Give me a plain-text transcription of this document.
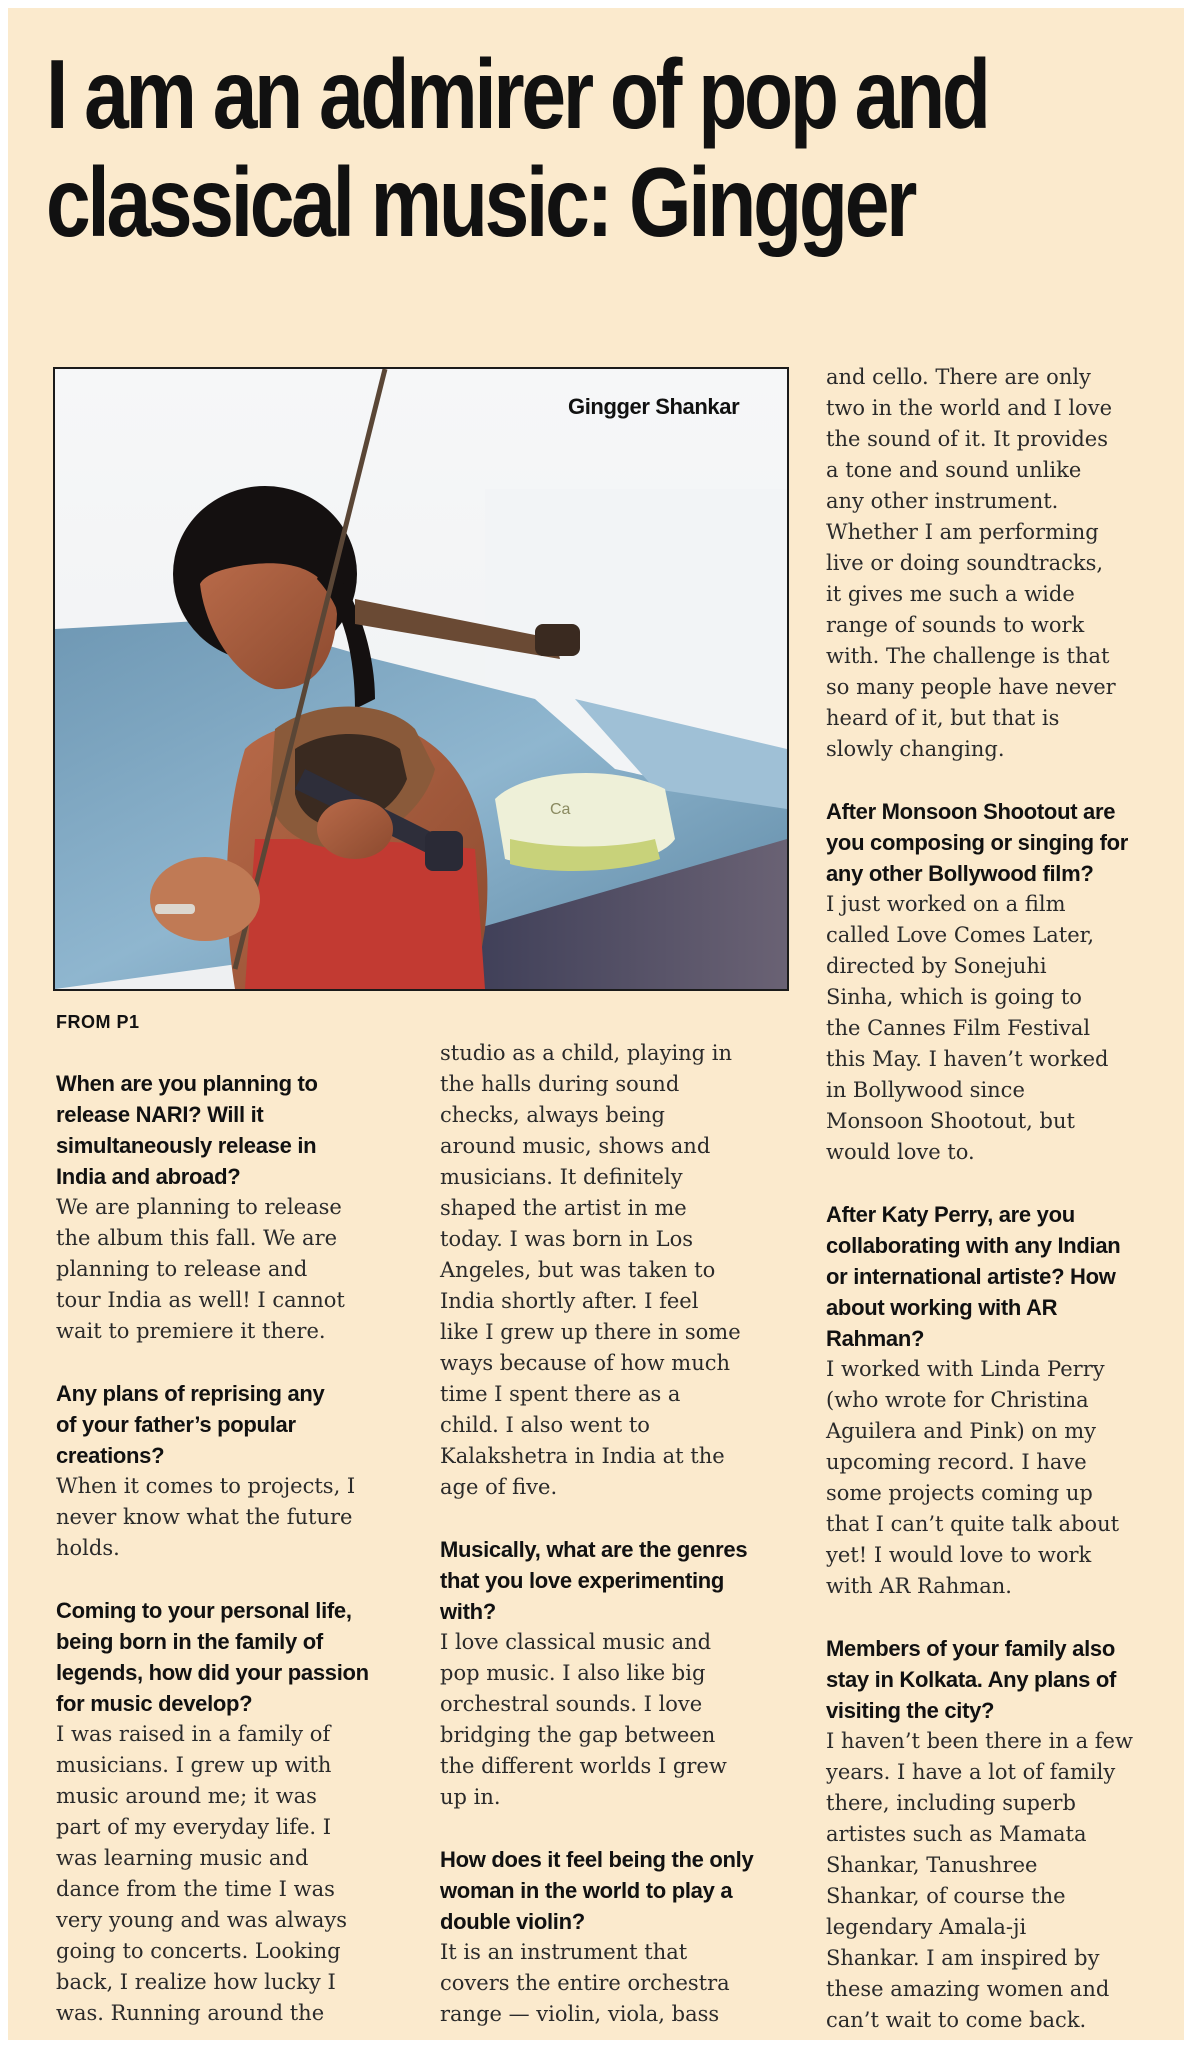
I am an admirer of pop and
classical music: Gingger
Ca
Gingger Shankar
FROM P1
When are you planning to
release NARI? Will it
simultaneously release in
India and abroad?
We are planning to release
the album this fall. We are
planning to release and
tour India as well! I cannot
wait to premiere it there.
Any plans of reprising any
of your father’s popular
creations?
When it comes to projects, I
never know what the future
holds.
Coming to your personal life,
being born in the family of
legends, how did your passion
for music develop?
I was raised in a family of
musicians. I grew up with
music around me; it was
part of my everyday life. I
was learning music and
dance from the time I was
very young and was always
going to concerts. Looking
back, I realize how lucky I
was. Running around the
studio as a child, playing in
the halls during sound
checks, always being
around music, shows and
musicians. It definitely
shaped the artist in me
today. I was born in Los
Angeles, but was taken to
India shortly after. I feel
like I grew up there in some
ways because of how much
time I spent there as a
child. I also went to
Kalakshetra in India at the
age of five.
Musically, what are the genres
that you love experimenting
with?
I love classical music and
pop music. I also like big
orchestral sounds. I love
bridging the gap between
the different worlds I grew
up in.
How does it feel being the only
woman in the world to play a
double violin?
It is an instrument that
covers the entire orchestra
range — violin, viola, bass
and cello. There are only
two in the world and I love
the sound of it. It provides
a tone and sound unlike
any other instrument.
Whether I am performing
live or doing soundtracks,
it gives me such a wide
range of sounds to work
with. The challenge is that
so many people have never
heard of it, but that is
slowly changing.
After Monsoon Shootout are
you composing or singing for
any other Bollywood film?
I just worked on a film
called Love Comes Later,
directed by Sonejuhi
Sinha, which is going to
the Cannes Film Festival
this May. I haven’t worked
in Bollywood since
Monsoon Shootout, but
would love to.
After Katy Perry, are you
collaborating with any Indian
or international artiste? How
about working with AR
Rahman?
I worked with Linda Perry
(who wrote for Christina
Aguilera and Pink) on my
upcoming record. I have
some projects coming up
that I can’t quite talk about
yet! I would love to work
with AR Rahman.
Members of your family also
stay in Kolkata. Any plans of
visiting the city?
I haven’t been there in a few
years. I have a lot of family
there, including superb
artistes such as Mamata
Shankar, Tanushree
Shankar, of course the
legendary Amala-ji
Shankar. I am inspired by
these amazing women and
can’t wait to come back.
